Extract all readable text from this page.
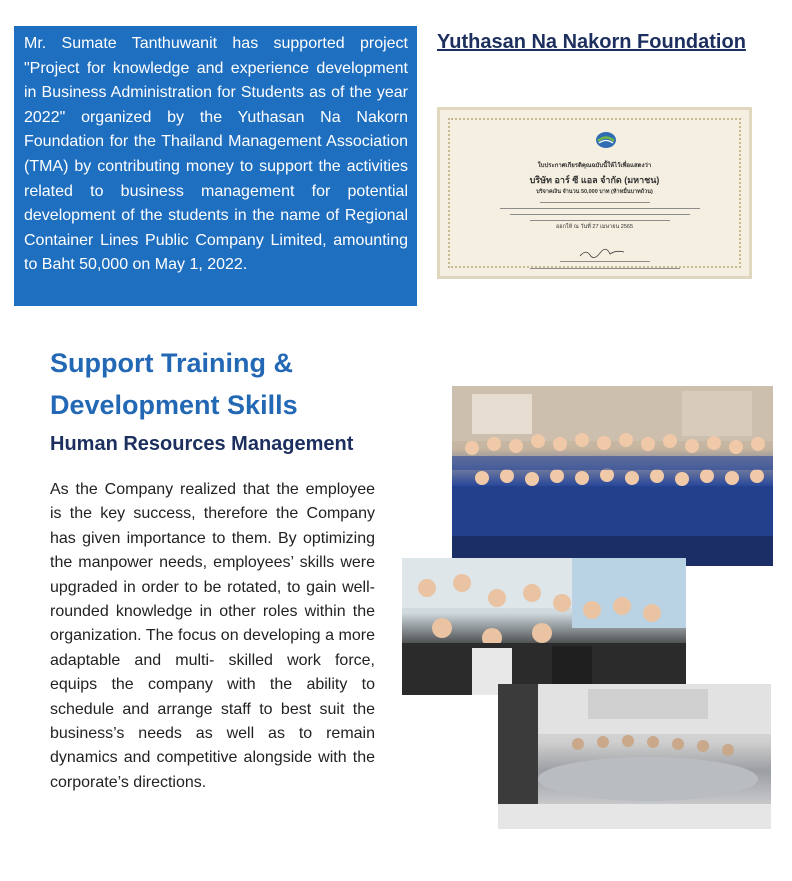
Mr. Sumate Tanthuwanit has supported project "Project for knowledge and experience development in Business Administration for Students as of the year 2022" organized by the Yuthasan Na Nakorn Foundation for the Thailand Management Association (TMA) by contributing money to support the activities related to business management for potential development of the students in the name of Regional Container Lines Public Company Limited, amounting to Baht 50,000 on May 1, 2022.

Yuthasan Na Nakorn Foundation
ใบประกาศเกียรติคุณฉบับนี้ให้ไว้เพื่อแสดงว่า
บริษัท อาร์ ซี แอล จำกัด (มหาชน)
บริจาคเงิน จำนวน 50,000 บาท (ห้าหมื่นบาทถ้วน)
ออกให้ ณ วันที่ 27 เมษายน 2565
Support Training &
Development Skills
Human Resources Management

As the Company realized that the employee is the key success, therefore the Company has given importance to them. By optimizing the manpower needs, employees’ skills were upgraded in order to be rotated, to gain well- rounded knowledge in other roles within the organization. The focus on developing a more adaptable and multi- skilled work force, equips the company with the ability to schedule and arrange staff to best suit the business’s needs as well as to remain dynamics and competitive alongside with the corporate’s directions.
